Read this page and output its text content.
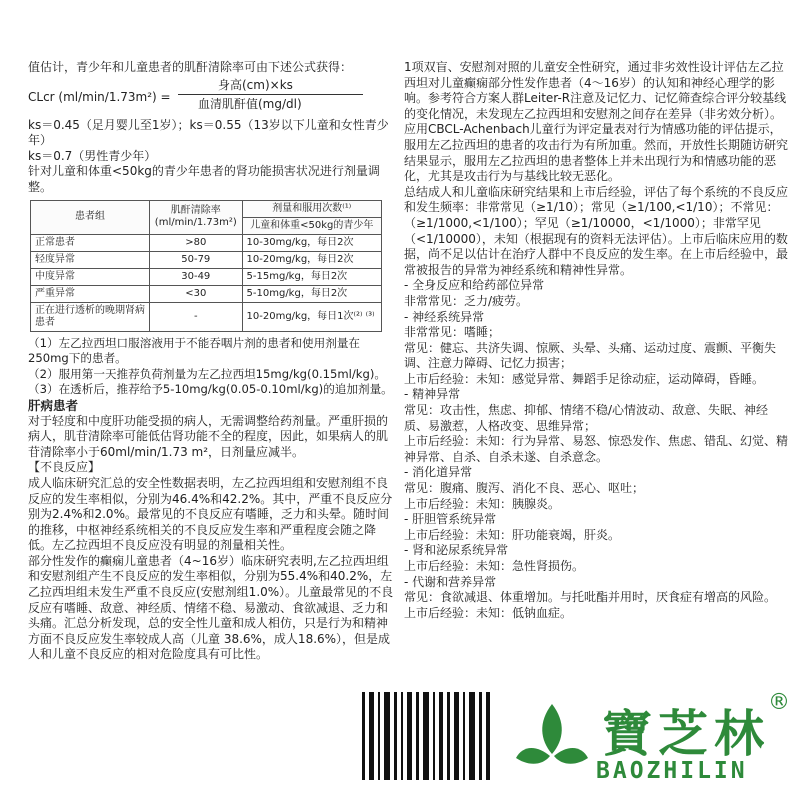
值估计，青少年和儿童患者的肌酐清除率可由下述公式获得：

CLcr (ml/min/1.73m²) =
身高(cm)×ks
血清肌酐值(mg/dl)

ks＝0.45（足月婴儿至1岁）；ks＝0.55（13岁以下儿童和女性青少年）

ks＝0.7（男性青少年）

针对儿童和体重<50kg的青少年患者的肾功能损害状况进行剂量调整。

患者组	肌酐清除率
(ml/min/1.73m²)	剂量和服用次数⁽¹⁾
		儿童和体重<50kg的青少年
正常患者	>80	10-30mg/kg，每日2次
轻度异常	50-79	10-20mg/kg，每日2次
中度异常	30-49	5-15mg/kg，每日2次
严重异常	<30	5-10mg/kg，每日2次
正在进行透析的晚期肾病患者	-	10-20mg/kg，每日1次⁽²⁾ ⁽³⁾

（1）左乙拉西坦口服溶液用于不能吞咽片剂的患者和使用剂量在250mg下的患者。

（2）服用第一天推荐负荷剂量为左乙拉西坦15mg/kg(0.15ml/kg)。

（3）在透析后，推荐给予5-10mg/kg(0.05-0.10ml/kg)的追加剂量。

肝病患者

对于轻度和中度肝功能受损的病人，无需调整给药剂量。严重肝损的病人，肌苷清除率可能低估肾功能不全的程度，因此，如果病人的肌苷清除率小于60ml/min/1.73 m²，日剂量应减半。

【不良反应】

成人临床研究汇总的安全性数据表明，左乙拉西坦组和安慰剂组不良反应的发生率相似，分别为46.4%和42.2%。其中，严重不良反应分别为2.4%和2.0%。最常见的不良反应有嗜睡，乏力和头晕。随时间的推移，中枢神经系统相关的不良反应发生率和严重程度会随之降低。左乙拉西坦不良反应没有明显的剂量相关性。

部分性发作的癫痫儿童患者（4~16岁）临床研究表明,左乙拉西坦组和安慰剂组产生不良反应的发生率相似，分别为55.4%和40.2%，左乙拉西坦组未发生严重不良反应(安慰剂组1.0%）。儿童最常见的不良反应有嗜睡、敌意、神经质、情绪不稳、易激动、食欲减退、乏力和头痛。汇总分析发现，总的安全性儿童和成人相仿，只是行为和精神方面不良反应发生率较成人高（儿童 38.6%，成人18.6%），但是成人和儿童不良反应的相对危险度具有可比性。

1项双盲、安慰剂对照的儿童安全性研究，通过非劣效性设计评估左乙拉西坦对儿童癫痫部分性发作患者（4～16岁）的认知和神经心理学的影响。参考符合方案人群Leiter-R注意及记忆力、记忆筛查综合评分较基线的变化情况，未发现左乙拉西坦和安慰剂之间存在差异（非劣效分析）。应用CBCL-Achenbach儿童行为评定量表对行为情感功能的评估提示，服用左乙拉西坦的患者的攻击行为有所加重。然而，开放性长期随访研究结果显示，服用左乙拉西坦的患者整体上并未出现行为和情感功能的恶化，尤其是攻击行为与基线比较无恶化。

总结成人和儿童临床研究结果和上市后经验，评估了每个系统的不良反应和发生频率：非常常见（≥1/10）；常见（≥1/100,<1/10）；不常见：（≥1/1000,<1/100）；罕见（≥1/10000，<1/1000）；非常罕见（<1/10000），未知（根据现有的资料无法评估）。上市后临床应用的数据，尚不足以估计在治疗人群中不良反应的发生率。在上市后经验中，最常被报告的异常为神经系统和精神性异常。

- 全身反应和给药部位异常

非常常见：乏力/疲劳。

- 神经系统异常

非常常见：嗜睡；

常见：健忘、共济失调、惊厥、头晕、头痛、运动过度、震颤、平衡失调、注意力障碍、记忆力损害；

上市后经验：未知：感觉异常、舞蹈手足徐动症，运动障碍，昏睡。

- 精神异常

常见：攻击性，焦虑、抑郁、情绪不稳/心情波动、敌意、失眠、神经质、易激惹，人格改变、思维异常；

上市后经验：未知：行为异常、易怒、惊恐发作、焦虑、错乱、幻觉、精神异常、自杀、自杀未遂、自杀意念。

- 消化道异常

常见：腹痛、腹泻、消化不良、恶心、呕吐；

上市后经验：未知：胰腺炎。

- 肝胆管系统异常

上市后经验：未知：肝功能衰竭，肝炎。

- 肾和泌尿系统异常

上市后经验：未知：急性肾损伤。

- 代谢和营养异常

常见：食欲减退、体重增加。与托吡酯并用时，厌食症有增高的风险。

上市后经验：未知：低钠血症。

寶芝林
®
BAOZHILIN
